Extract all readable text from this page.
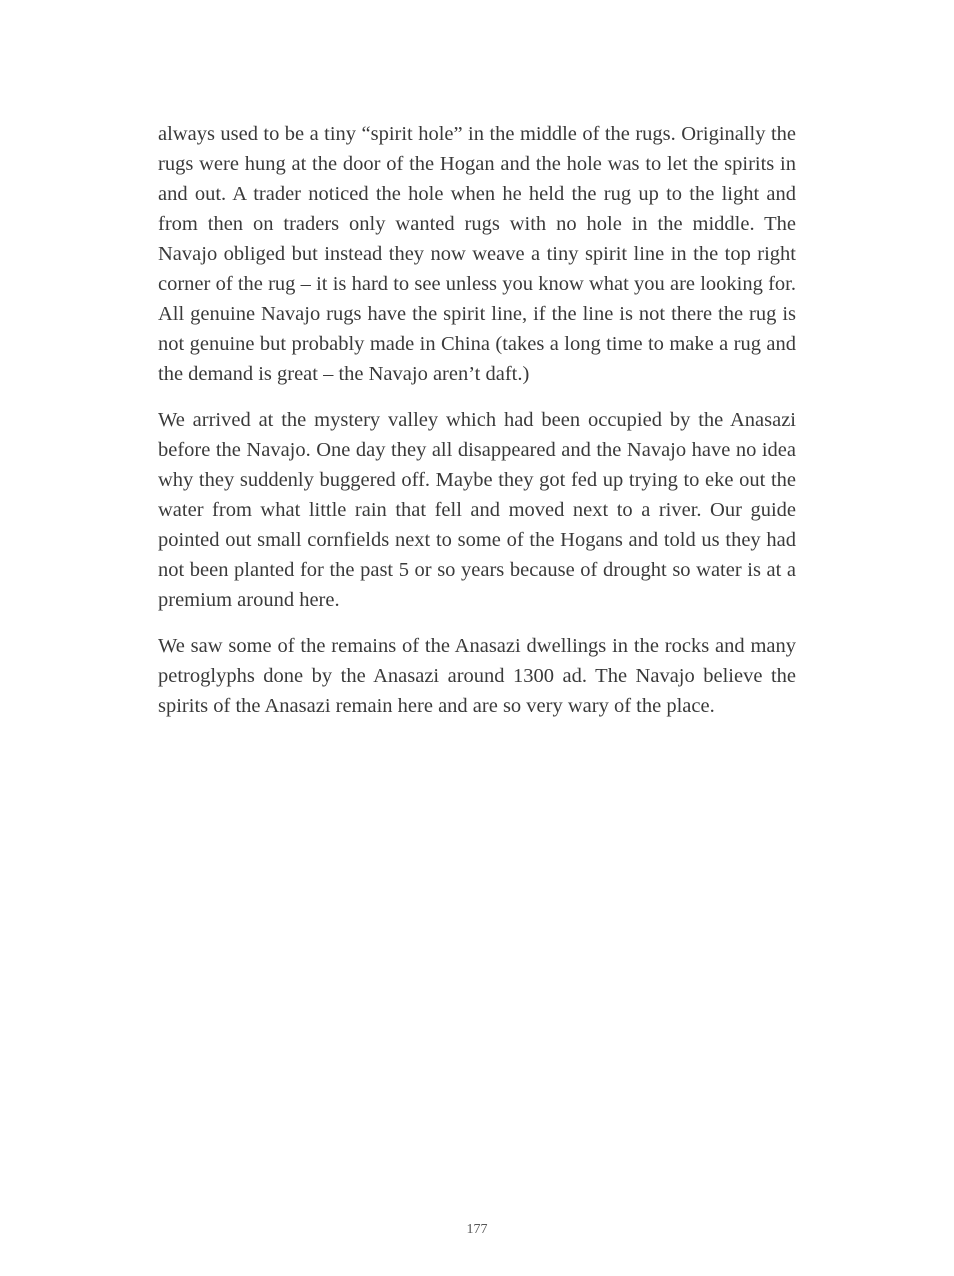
always used to be a tiny “spirit hole” in the middle of the rugs. Originally the rugs were hung at the door of the Hogan and the hole was to let the spirits in and out. A trader noticed the hole when he held the rug up to the light and from then on traders only wanted rugs with no hole in the middle. The Navajo obliged but instead they now weave a tiny spirit line in the top right corner of the rug – it is hard to see unless you know what you are looking for. All genuine Navajo rugs have the spirit line, if the line is not there the rug is not genuine but probably made in China (takes a long time to make a rug and the demand is great – the Navajo aren’t daft.)

We arrived at the mystery valley which had been occupied by the Anasazi before the Navajo. One day they all disappeared and the Navajo have no idea why they suddenly buggered off. Maybe they got fed up trying to eke out the water from what little rain that fell and moved next to a river. Our guide pointed out small cornfields next to some of the Hogans and told us they had not been planted for the past 5 or so years because of drought so water is at a premium around here.

We saw some of the remains of the Anasazi dwellings in the rocks and many petroglyphs done by the Anasazi around 1300 ad. The Navajo believe the spirits of the Anasazi remain here and are so very wary of the place.

177
